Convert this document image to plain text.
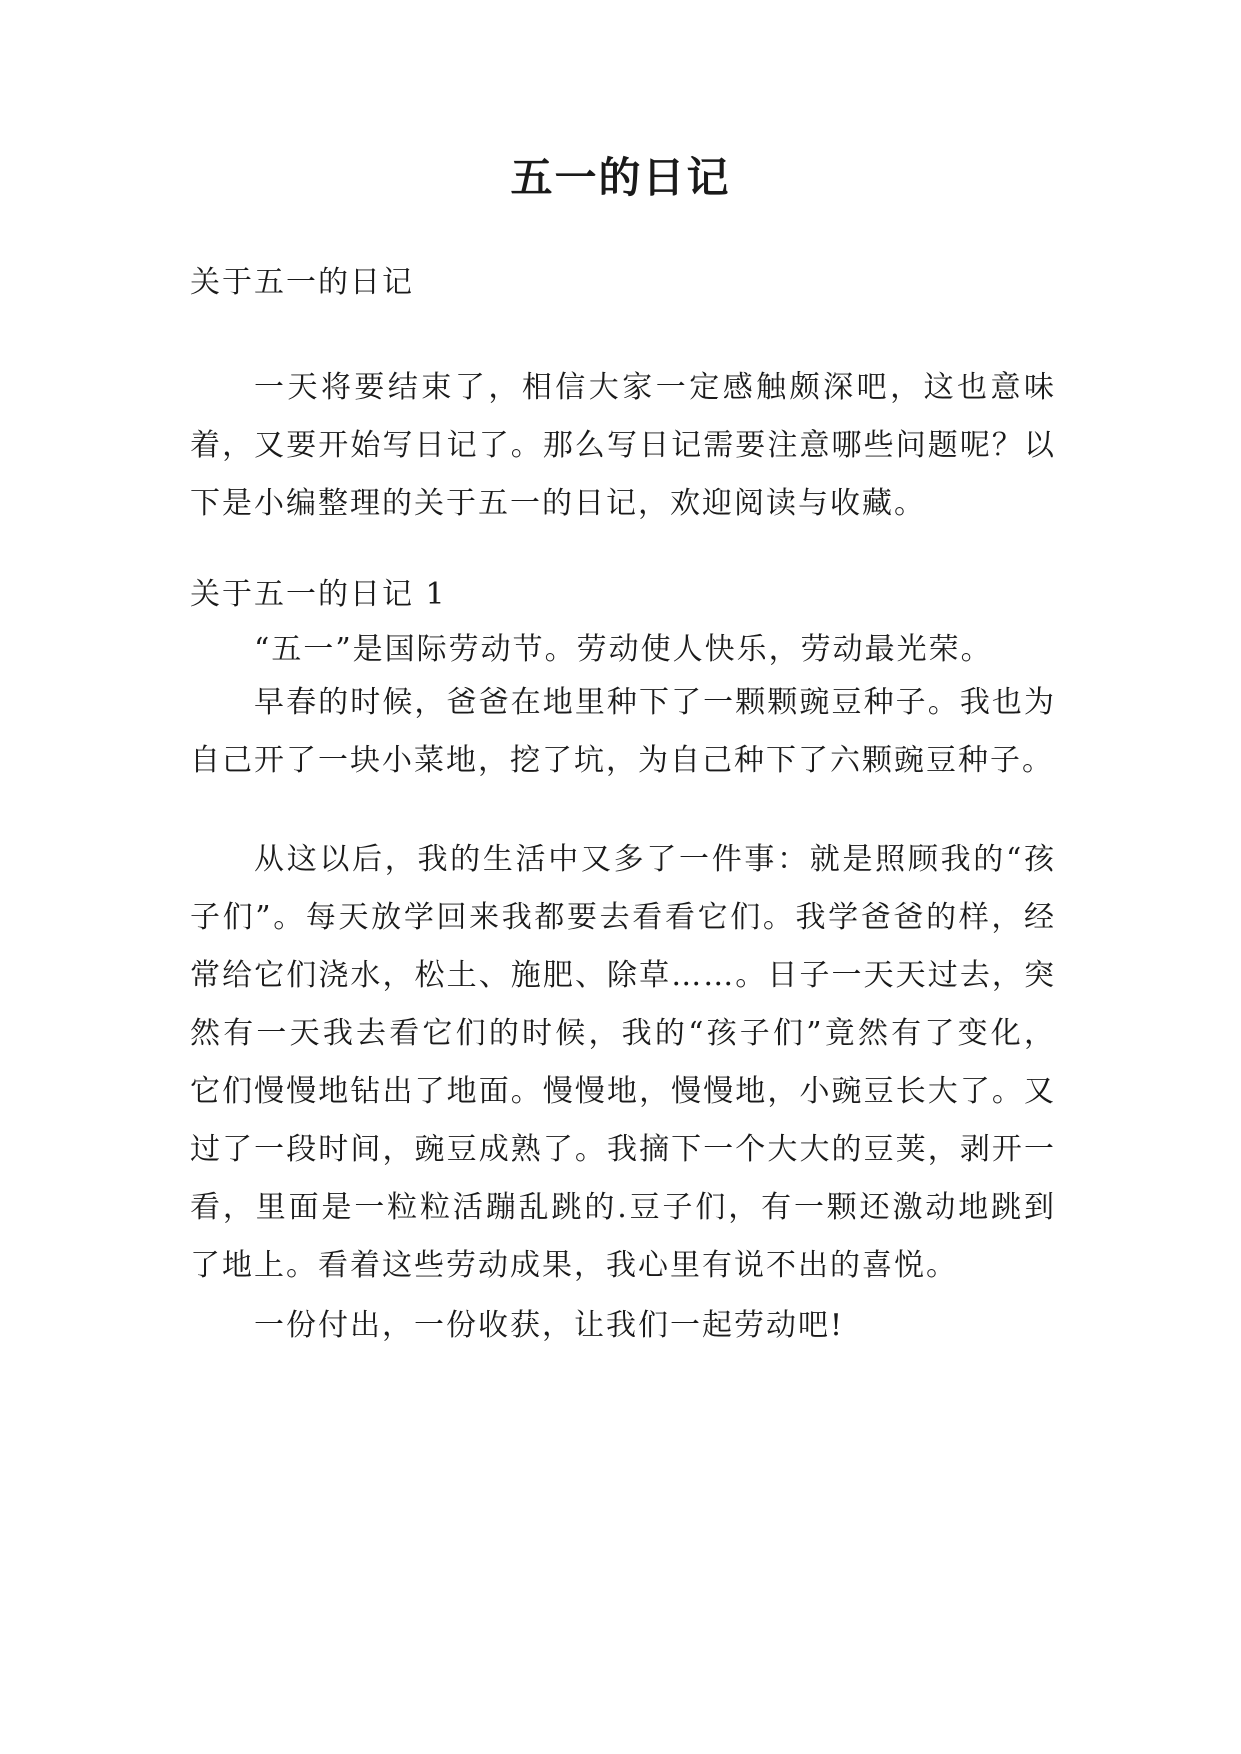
五一的日记

关于五一的日记

一天将要结束了，相信大家一定感触颇深吧，这也意味着，又要开始写日记了。那么写日记需要注意哪些问题呢？以下是小编整理的关于五一的日记，欢迎阅读与收藏。

关于五一的日记 1

“五一”是国际劳动节。劳动使人快乐，劳动最光荣。

早春的时候，爸爸在地里种下了一颗颗豌豆种子。我也为自己开了一块小菜地，挖了坑，为自己种下了六颗豌豆种子。

从这以后，我的生活中又多了一件事：就是照顾我的“孩子们”。每天放学回来我都要去看看它们。我学爸爸的样，经常给它们浇水，松土、施肥、除草……。日子一天天过去，突然有一天我去看它们的时候，我的“孩子们”竟然有了变化，它们慢慢地钻出了地面。慢慢地，慢慢地，小豌豆长大了。又过了一段时间，豌豆成熟了。我摘下一个大大的豆荚，剥开一看，里面是一粒粒活蹦乱跳的.豆子们，有一颗还激动地跳到了地上。看着这些劳动成果，我心里有说不出的喜悦。

一份付出，一份收获，让我们一起劳动吧!
